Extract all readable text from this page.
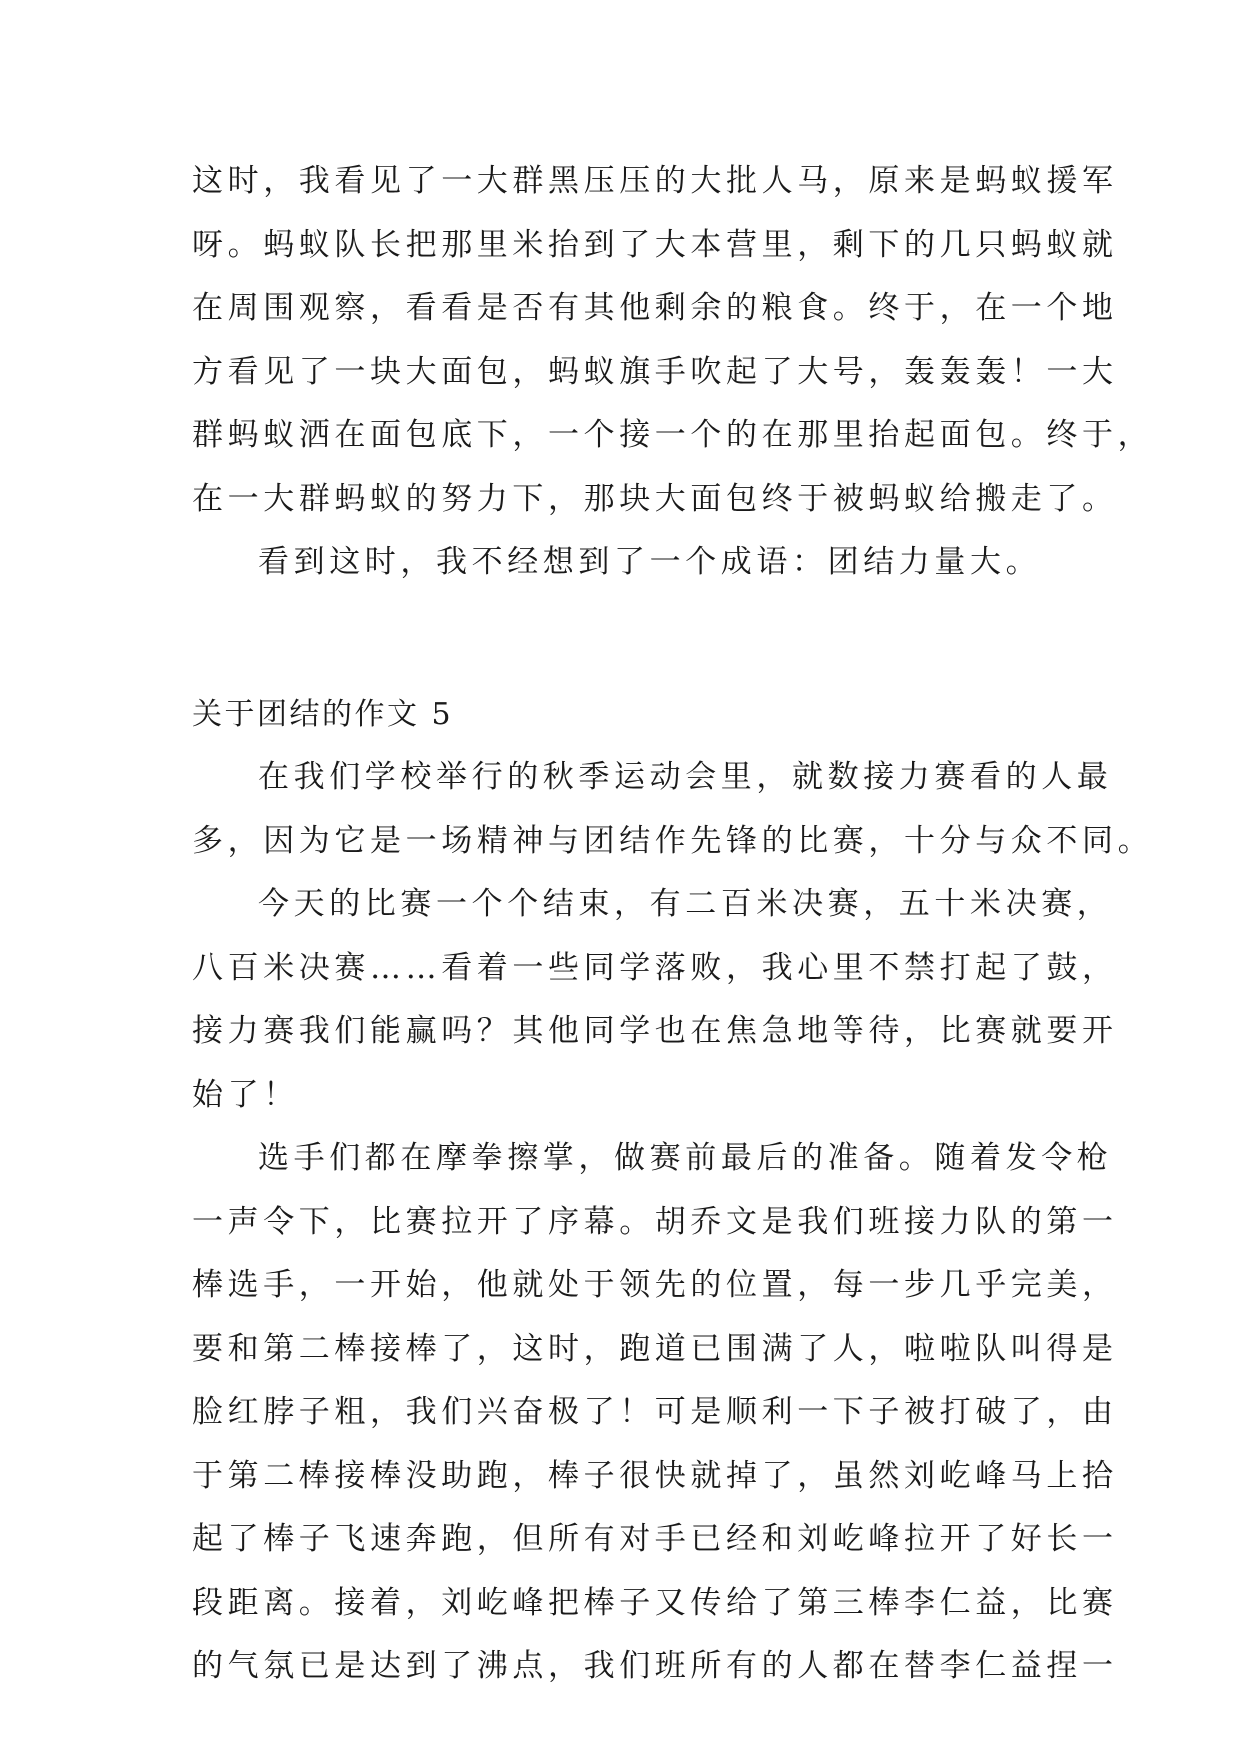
这时，我看见了一大群黑压压的大批人马，原来是蚂蚁援军
呀。蚂蚁队长把那里米抬到了大本营里，剩下的几只蚂蚁就
在周围观察，看看是否有其他剩余的粮食。终于，在一个地
方看见了一块大面包，蚂蚁旗手吹起了大号，轰轰轰！一大
群蚂蚁洒在面包底下，一个接一个的在那里抬起面包。终于，
在一大群蚂蚁的努力下，那块大面包终于被蚂蚁给搬走了。
看到这时，我不经想到了一个成语：团结力量大。
关于团结的作文 5
在我们学校举行的秋季运动会里，就数接力赛看的人最
多，因为它是一场精神与团结作先锋的比赛，十分与众不同。
今天的比赛一个个结束，有二百米决赛，五十米决赛，
八百米决赛……看着一些同学落败，我心里不禁打起了鼓，
接力赛我们能赢吗？其他同学也在焦急地等待，比赛就要开
始了！
选手们都在摩拳擦掌，做赛前最后的准备。随着发令枪
一声令下，比赛拉开了序幕。胡乔文是我们班接力队的第一
棒选手，一开始，他就处于领先的位置，每一步几乎完美，
要和第二棒接棒了，这时，跑道已围满了人，啦啦队叫得是
脸红脖子粗，我们兴奋极了！可是顺利一下子被打破了，由
于第二棒接棒没助跑，棒子很快就掉了，虽然刘屹峰马上拾
起了棒子飞速奔跑，但所有对手已经和刘屹峰拉开了好长一
段距离。接着，刘屹峰把棒子又传给了第三棒李仁益，比赛
的气氛已是达到了沸点，我们班所有的人都在替李仁益捏一
